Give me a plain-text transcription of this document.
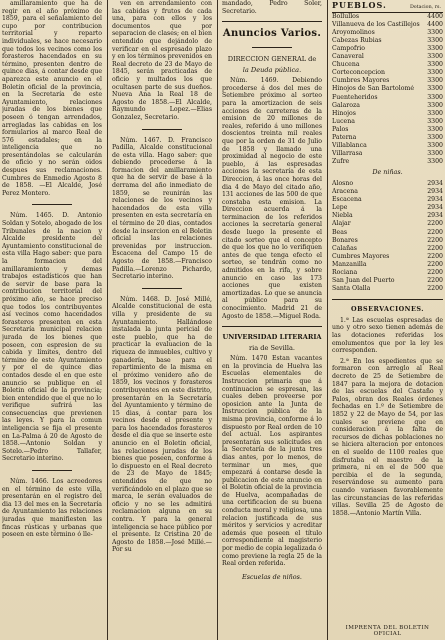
amillaramiento que ha de regir en el año próximo de 1859, para el señalamiento del cupo por contribucion territorial y reparto individuales, se hace necesario que todos los vecinos como los forasteros hacendados en su término, presenten dentro de quince dias, á contar desde que aparezca este anuncio en el Boletin oficial de la provincia, en la Secretaría de este Ayuntamiento, relaciones juradas de los bienes que poseen ó tengan arrendados, arregladas las cabidas en los formularios al marco Real de 576 estadales; en la inteligencia que no presentándolas se calcularán de oficio y no serán oidos despues sus reclamaciones. Cumbres de Enmedio Agosto 8 de 1858. —El Alcalde, José Perez Montero.

Núm. 1465. D. Antonio Soldan y Sotelo, abogado de los Tribunales de la nacion y Alcalde presidente del Ayuntamiento constitucional de esta villa Hago saber: que para la formacion del amillaramiento y demas trabajos estadísticos que han de servir de base para la contribucion territorial del próximo año, se hace preciso que todos los contribuyentes así vecinos como hacendados forasteros presenten en esta Secretaría municipal relacion jurada de los bienes que poseen, con espresion de su cabida y límites, dentro del término de este Ayuntamiento y por el de quince dias contados desde el en que este anuncio se publique en el Boletin oficial de la provincia; bien entendido que el que no lo verifique sufrirá las consecuencias que previenen las leyes. Y para la comun inteligencia se fija el presente en La-Palma á 20 de Agosto de 1858.—Antonio Soldan y Sotelo.—Pedro Tallafer, Secretario interino.

Núm. 1466. Los acreedores en el término de este villa, presentarán en el registro del dia 13 del mes en la Secretaría de Ayuntamiento las relaciones juradas que manifiesten las fincas rústicas y urbanas que poseen en este término ó lle-

ven en arrendamiento con las cabidas y frutos de cada una, para con ellos y los documentos que por separacion de clases; en el bien entendido que dejándolo de verificar en el espresado plazo y en los términos prevenidos en Real decreto de 23 de Mayo de 1845, serán practicadas de oficio y multados los que ocultasen parte de sus dueños. Nueva Ana la Real 18 de Agosto de 1858.—El Alcalde, Raymundo Lopez.—Elias Gonzalez, Secretario.

Núm. 1467. D. Francisco Padilla, Alcalde constitucional de esta villa. Hago saber: que debiendo procederse á la formacion del amillaramiento que ha de servir de base á la derrama del año inmediato de 1859, se reunirán las relaciones de los vecinos y hacendados de esta villa presenten en esta secretaría en el término de 20 dias, contados desde la insercion en el Boletin oficial las relaciones prevenidas por instruccion. Escacena del Campo 15 de Agosto de 1858.—Francisco Padilla.—Lorenzo Pichardo, Secretario interino.

Núm. 1468. D. José Millé, Alcalde constitucional de esta villa y presidente de su Ayuntamiento. Hallándose instalada la junta pericial de este pueblo, que ha de practicar la evaluacion de la riqueza de inmuebles, cultivo y ganadería, base para el repartimiento de la misma en el próximo venidero año de 1859, los vecinos y forasteros contribuyentes en este distrito, presentarán en la Secretaría del Ayuntamiento y término de 15 dias, á contar para los vecinos desde el presente y para los hacendados forasteros desde el dia que se inserte este anuncio en el Boletin oficial, las relaciones juradas de los bienes que poseen, conforme á lo dispuesto en el Real decreto de 23 de Mayo de 1845; entendidos de que no verificándolo en el plazo que se marca, le serán evaluados de oficio y no se les admitirá reclamacion alguna en su contra. Y para la general inteligencia se hace público por el presente. Iz Cristina 20 de Agosto de 1858.—José Millé.—Por su

mandado, Pedro Soler, Secretario.

Anuncios Varios.
DIRECCION GENERAL de
la Deuda pública.

Núm. 1469. Debiendo procederse á dos del mes de Setiembre próximo al sorteo para la amortizacion de seis acciones de carreteras de la emision de 20 millones de reales, referido á uno millones doscientos treinta mil reales que por la orden de 31 de Julio de 1858 y llamado una proximidad al negocio de este pueblo, á las espresadas acciones la secretaría de esta Direccion, á las once horas del dia 4 de Mayo del citado año, 131 acciones de las 500 de que constaba esta emision. La Direccion acuerda á la terminacion de los referidos acciones la secretaría general desde luego la presente el citado sorteo que el concepto de que los que no lo verifiquen antes de que tenga efecto el sorteo, se tendrán como no admitidos en la rifa, y sobre anuncio en caso las 173 acciones que existen amortizadas. Lo que se anuncia al público para su conocimiento. Madrid 21 de Agosto de 1858.—Miguel Roda.

UNIVERSIDAD LITERARIA
ria de Sevilla.

Núm. 1470 Estan vacantes en la provincia de Huelva las Escuelas elementales de Instruccion primaria que á continuacion se espresan, las cuales deben proveerse por oposicion ante la Junta de Instruccion pública de la misma provincia, conforme á lo dispuesto por Real orden de 10 del actual. Los aspirantes presentarán sus solicitudes en la Secretaría de la junta tres dias antes, por lo menos, de terminar un mes, que empezará á contarse desde la publicacion de este anuncio en el Boletin oficial de la provincia de Huelva, acompañadas de una certificacion de su buena conducta moral y religiosa, una relacion justificada de sus méritos y servicios y acreditar además que poseen el título correspondiente al magisterio por medio de copia legalizada ó como previene la regla 25 de la Real orden referida.

Escuelas de niños.
PUEBLOS.	Dotacion, rs.
Bollullos	4400
Villanueva de los Castillejos	4400
Aroyomolinos	3300
Cabezas Rubias	3300
Campofrio	3300
Canaveral	3300
Chucena	3300
Corteconcepcion	3300
Cumbres Mayores	3300
Hinojos de San Bartolomé	3300
Fuenteheridos	3300
Galaroza	3300
Hinojos	3300
Lucena	3300
Palos	3300
Paterna	3300
Villablanca	3300
Villarrasa	3300
Zufre	3300
De niñas.
Alosno	2934
Aracena	2934
Escacena	2934
Lepe	2934
Niebla	2934
Alajar	2200
Beas	2200
Bonares	2200
Calañas	2200
Cumbres Mayores	2200
Manzanilla	2200
Rociana	2200
San Juan del Puerto	2200
Santa Olalla	2200
OBSERVACIONES.

1.ª Las escuelas espresadas de uno y otro sexo tienen además de las dotaciones referidas los emolumentos que por la ley les corresponden.

2.ª En los espedientes que se formaron con arreglo al Real decreto de 25 de Setiembre de 1847 para la mejora de dotacion de las escuelas del Castaño y Palos, obran dos Reales órdenes fechadas en 1.º de Setiembre de 1852 y 22 de Mayo de 54, por las cuales se previene que en consideracion á la falta de recursos de dichas poblaciones no se hiciera alteracion por entonces en el sueldo de 1100 reales que disfrutaba el maestro de la primera, ni en el de 500 que percibia el de la segunda, reservándose su aumento para cuando variasen favorablemente las circunstancias de las referidas villas. Sevilla 25 de Agosto de 1858.—Antonio Martín Villa.

IMPRENTA DEL BOLETIN OFICIAL
